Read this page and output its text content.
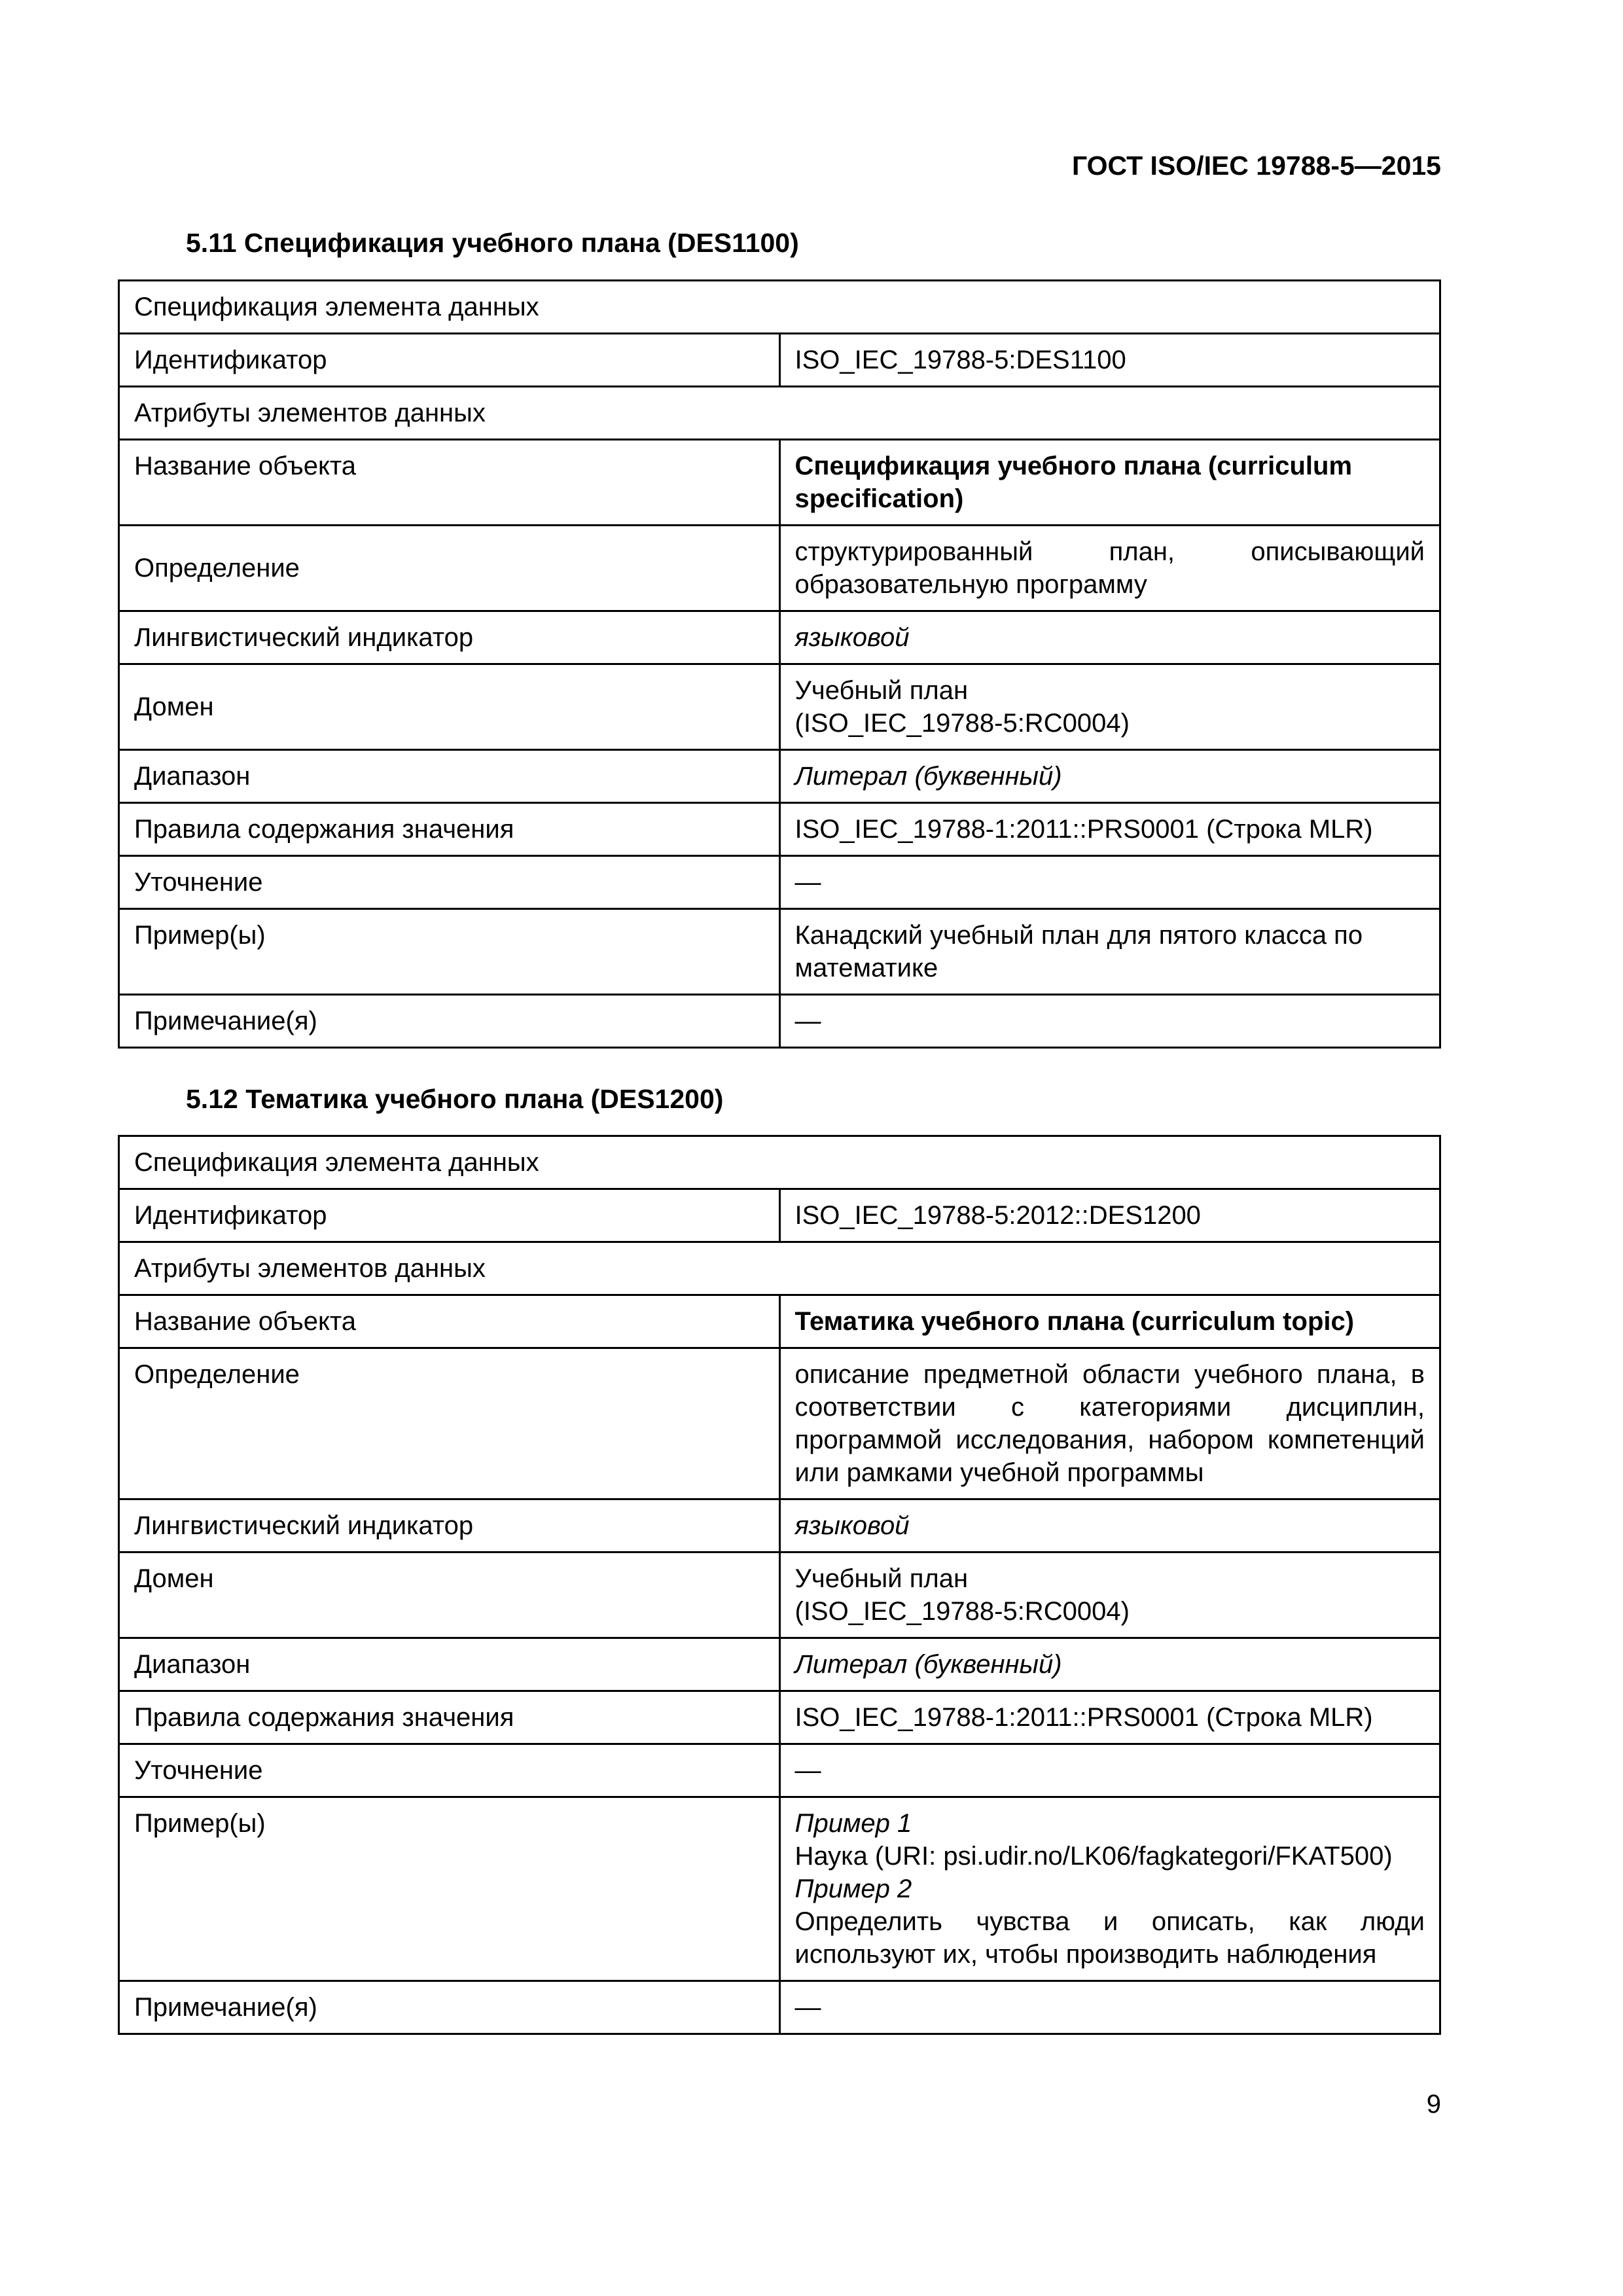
ГОСТ ISO/IEC 19788-5—2015
5.11 Спецификация учебного плана (DES1100)
Спецификация элемента данных	
Идентификатор	ISO_IEC_19788-5:DES1100
Атрибуты элементов данных	
Название объекта	Спецификация учебного плана (curriculum specification)
Определение	структурированный план, описывающий образовательную программу
Лингвистический индикатор	языковой
Домен	Учебный план
(ISO_IEC_19788-5:RC0004)

Диапазон	Литерал (буквенный)
Правила содержания значения	ISO_IEC_19788-1:2011::PRS0001 (Строка MLR)
Уточнение	—
Пример(ы)	Канадский учебный план для пятого класса по математике
Примечание(я)	—
5.12 Тематика учебного плана (DES1200)
Спецификация элемента данных	
Идентификатор	ISO_IEC_19788-5:2012::DES1200
Атрибуты элементов данных	
Название объекта	Тематика учебного плана (curriculum topic)
Определение	описание предметной области учебного плана, в соответствии с категориями дисциплин, программой исследования, набором компетенций или рамками учебной программы
Лингвистический индикатор	языковой
Домен	Учебный план
(ISO_IEC_19788-5:RC0004)

Диапазон	Литерал (буквенный)
Правила содержания значения	ISO_IEC_19788-1:2011::PRS0001 (Строка MLR)
Уточнение	—
Пример(ы)	Пример 1
Наука (URI: psi.udir.no/LK06/fagkategori/FKAT500)
Пример 2
Определить чувства и описать, как люди используют их, чтобы производить наблюдения

Примечание(я)	—
9
